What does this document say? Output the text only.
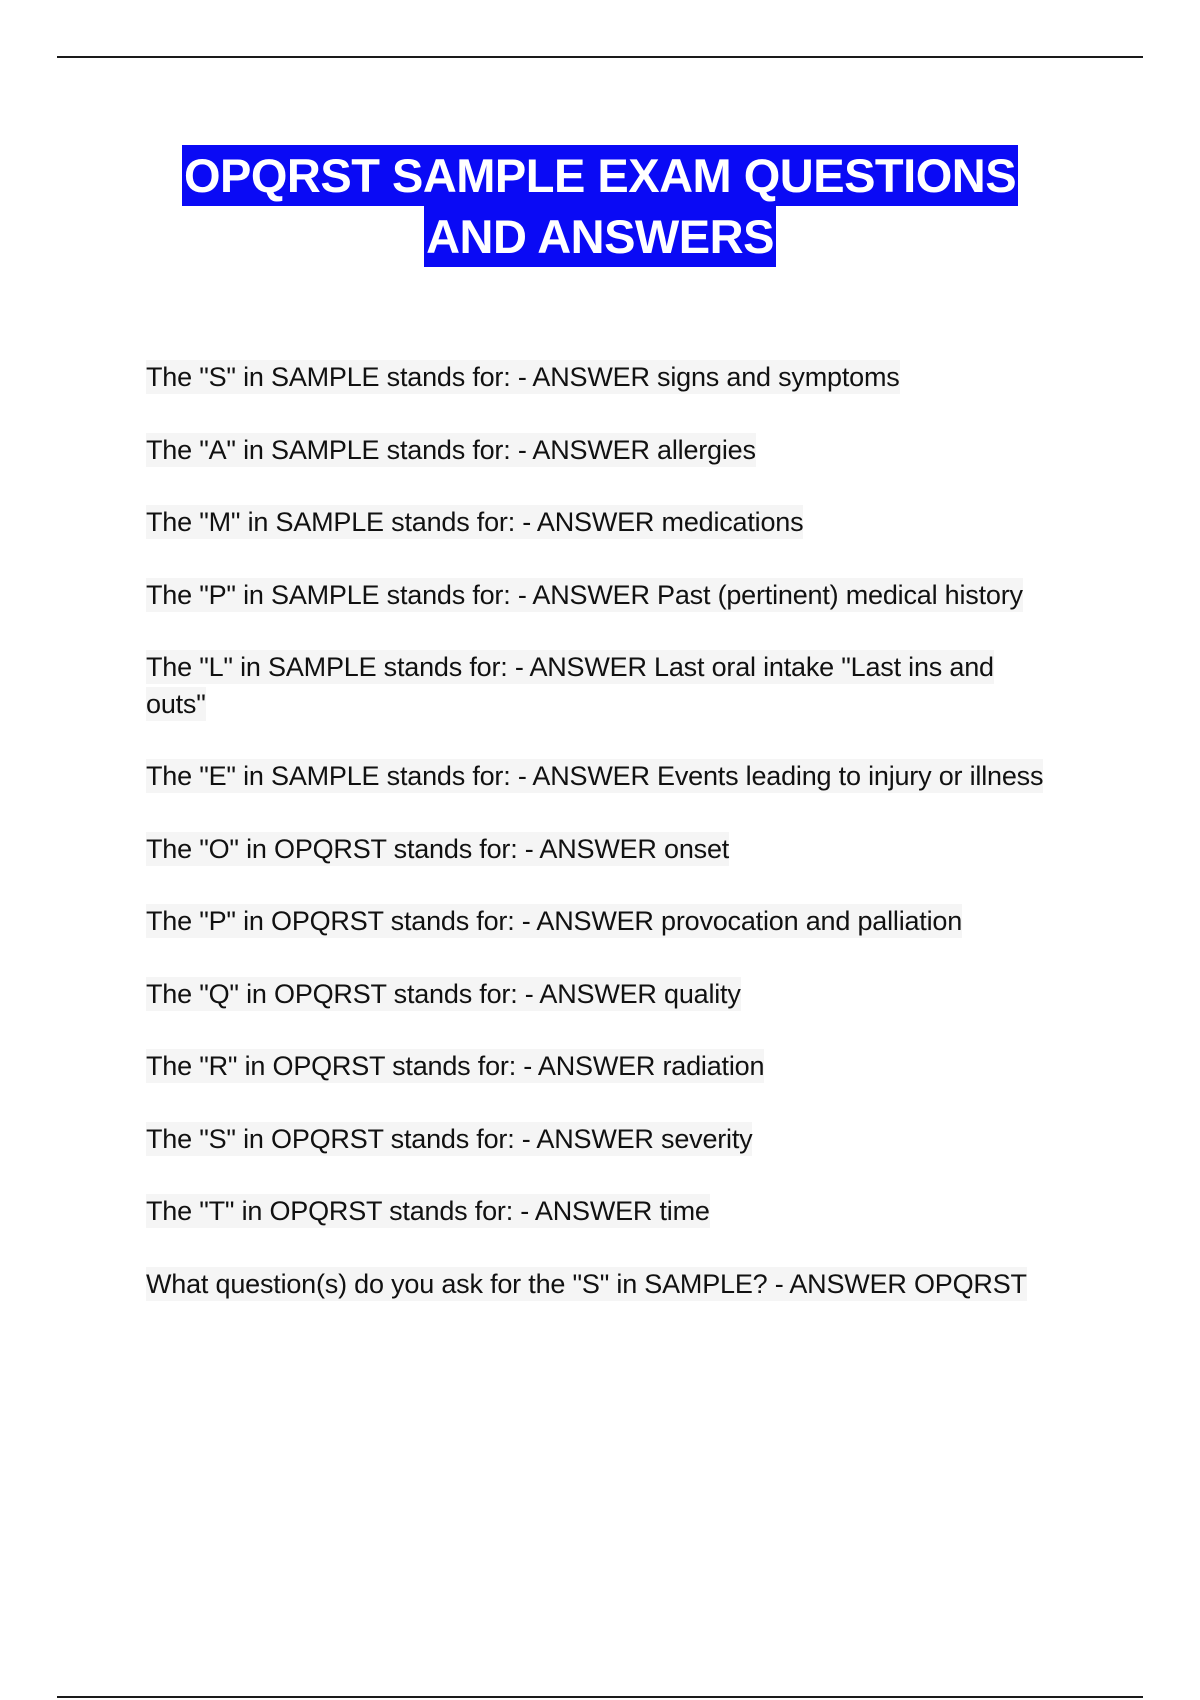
OPQRST SAMPLE EXAM QUESTIONS
AND ANSWERS
The "S" in SAMPLE stands for: - ANSWER signs and symptoms
The "A" in SAMPLE stands for: - ANSWER allergies
The "M" in SAMPLE stands for: - ANSWER medications
The "P" in SAMPLE stands for: - ANSWER Past (pertinent) medical history
The "L" in SAMPLE stands for: - ANSWER Last oral intake "Last ins and outs"
The "E" in SAMPLE stands for: - ANSWER Events leading to injury or illness
The "O" in OPQRST stands for: - ANSWER onset
The "P" in OPQRST stands for: - ANSWER provocation and palliation
The "Q" in OPQRST stands for: - ANSWER quality
The "R" in OPQRST stands for: - ANSWER radiation
The "S" in OPQRST stands for: - ANSWER severity
The "T" in OPQRST stands for: - ANSWER time
What question(s) do you ask for the "S" in SAMPLE? - ANSWER OPQRST
